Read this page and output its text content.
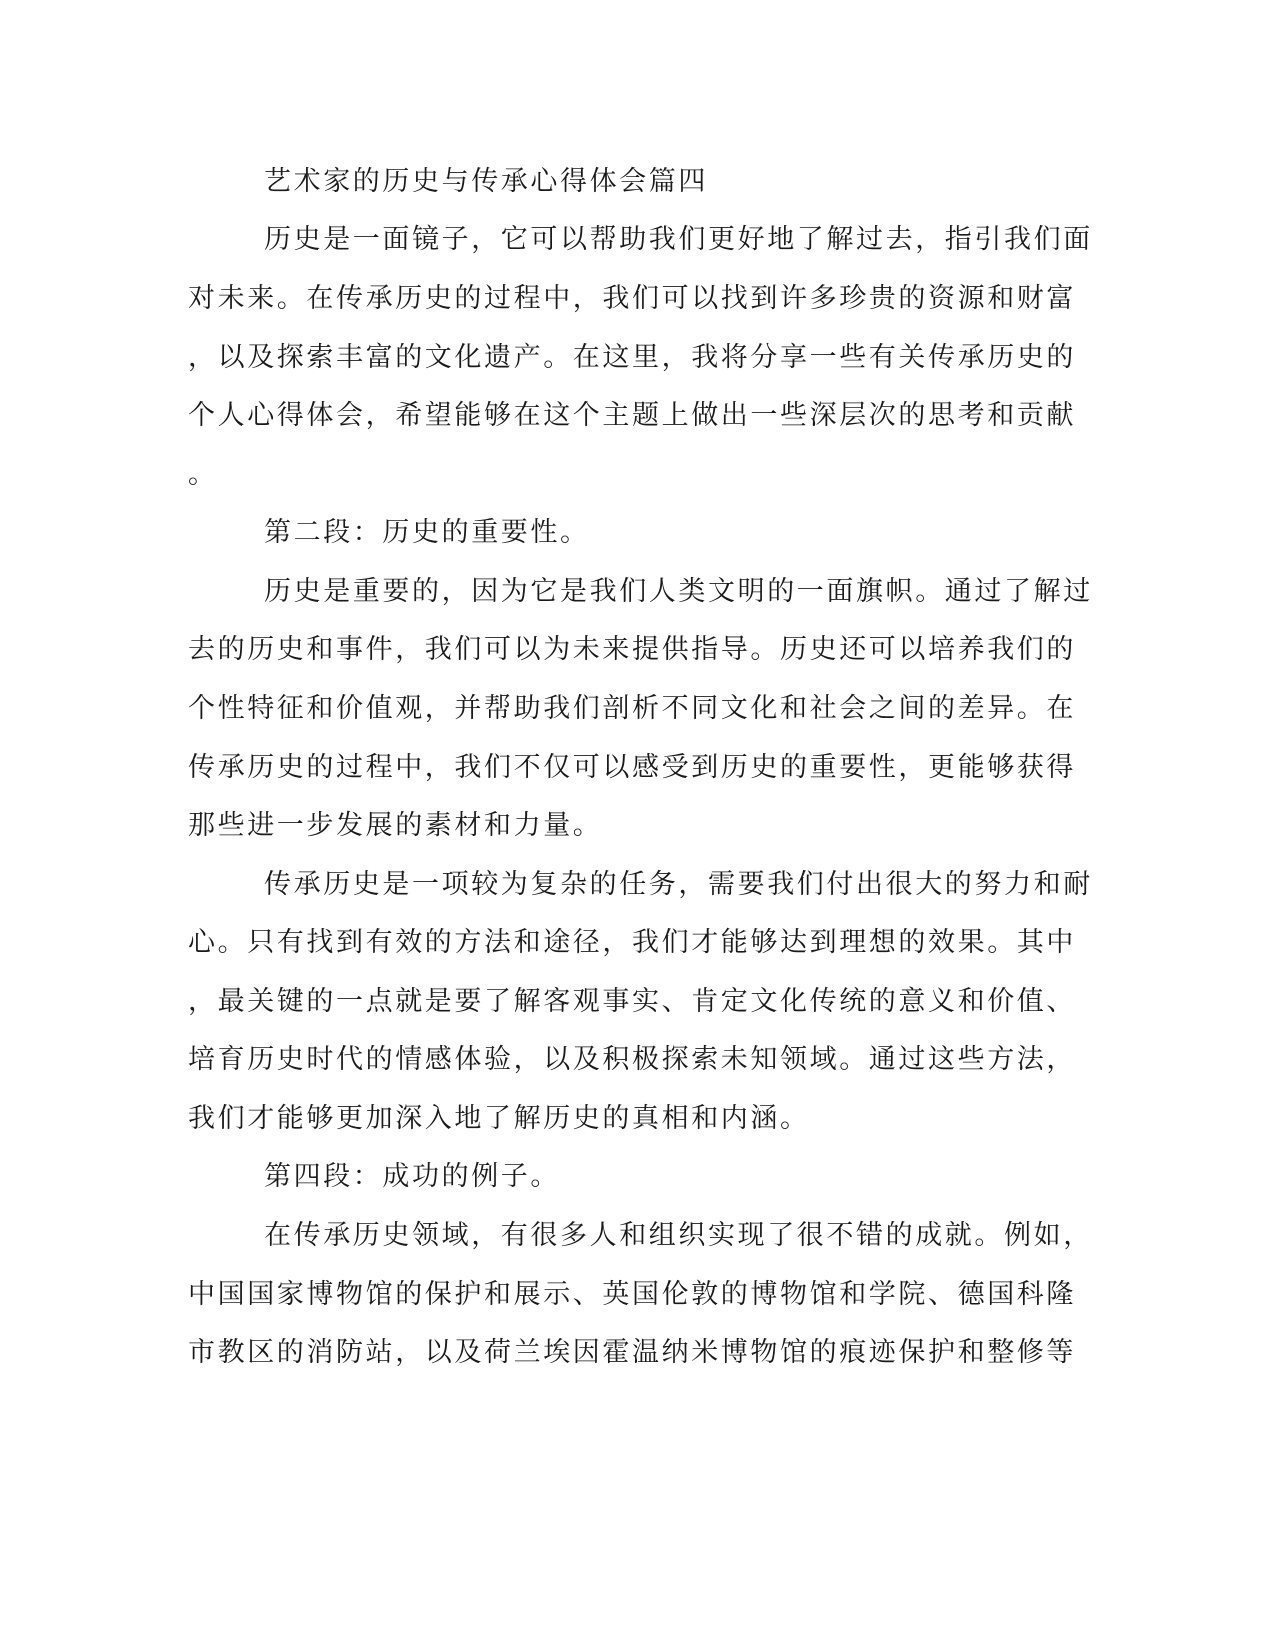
艺术家的历史与传承心得体会篇四
历史是一面镜子，它可以帮助我们更好地了解过去，指引我们面
对未来。在传承历史的过程中，我们可以找到许多珍贵的资源和财富
，以及探索丰富的文化遗产。在这里，我将分享一些有关传承历史的
个人心得体会，希望能够在这个主题上做出一些深层次的思考和贡献
。
第二段：历史的重要性。
历史是重要的，因为它是我们人类文明的一面旗帜。通过了解过
去的历史和事件，我们可以为未来提供指导。历史还可以培养我们的
个性特征和价值观，并帮助我们剖析不同文化和社会之间的差异。在
传承历史的过程中，我们不仅可以感受到历史的重要性，更能够获得
那些进一步发展的素材和力量。
传承历史是一项较为复杂的任务，需要我们付出很大的努力和耐
心。只有找到有效的方法和途径，我们才能够达到理想的效果。其中
，最关键的一点就是要了解客观事实、肯定文化传统的意义和价值、
培育历史时代的情感体验，以及积极探索未知领域。通过这些方法，
我们才能够更加深入地了解历史的真相和内涵。
第四段：成功的例子。
在传承历史领域，有很多人和组织实现了很不错的成就。例如，
中国国家博物馆的保护和展示、英国伦敦的博物馆和学院、德国科隆
市教区的消防站，以及荷兰埃因霍温纳米博物馆的痕迹保护和整修等
